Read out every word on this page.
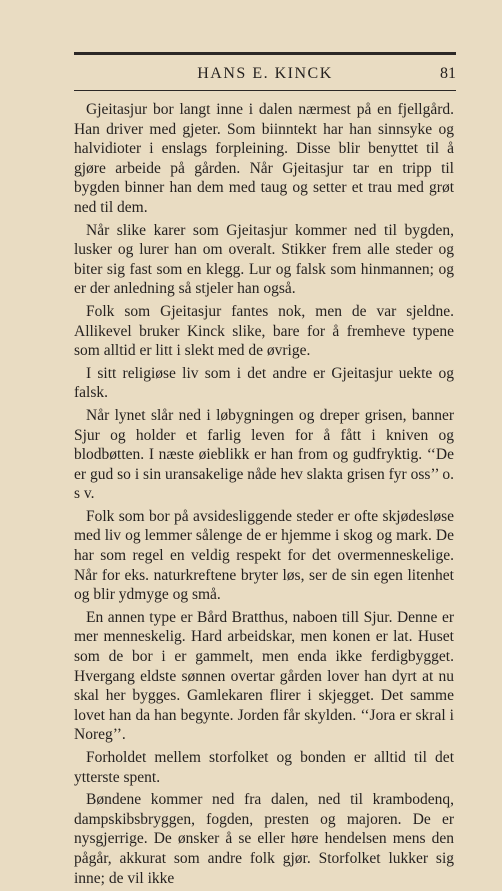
HANS E. KINCK	81

Gjeitasjur bor langt inne i dalen nærmest på en fjellgård. Han driver med gjeter. Som biinntekt har han sinnsyke og halvidioter i enslags forpleining. Disse blir benyttet til å gjøre arbeide på gården. Når Gjeitasjur tar en tripp til bygden binner han dem med taug og setter et trau med grøt ned til dem.

Når slike karer som Gjeitasjur kommer ned til bygden, lusker og lurer han om overalt. Stikker frem alle steder og biter sig fast som en klegg. Lur og falsk som hinmannen; og er der anledning så stjeler han også.

Folk som Gjeitasjur fantes nok, men de var sjeldne. Allikevel bruker Kinck slike, bare for å fremheve typene som alltid er litt i slekt med de øvrige.

I sitt religiøse liv som i det andre er Gjeitasjur uekte og falsk.

Når lynet slår ned i løbygningen og dreper grisen, banner Sjur og holder et farlig leven for å fått i kniven og blodbøtten. I næste øieblikk er han from og gudfryktig. ‘‘De er gud so i sin uransakelige nåde hev slakta grisen fyr oss’’ o. s v.

Folk som bor på avsidesliggende steder er ofte skjødesløse med liv og lemmer sålenge de er hjemme i skog og mark. De har som regel en veldig respekt for det overmenneskelige. Når for eks. naturkreftene bryter løs, ser de sin egen litenhet og blir ydmyge og små.

En annen type er Bård Bratthus, naboen till Sjur. Denne er mer menneskelig. Hard arbeidskar, men konen er lat. Huset som de bor i er gammelt, men enda ikke ferdigbygget. Hvergang eldste sønnen overtar gården lover han dyrt at nu skal her bygges. Gamlekaren flirer i skjegget. Det samme lovet han da han begynte. Jorden får skylden. ‘‘Jora er skral i Noreg’’.

Forholdet mellem storfolket og bonden er alltid til det ytterste spent.

Bøndene kommer ned fra dalen, ned til krambodenq, dampskibsbryggen, fogden, presten og majoren. De er nysgjerrige. De ønsker å se eller høre hendelsen mens den pågår, akkurat som andre folk gjør. Storfolket lukker sig inne; de vil ikke
